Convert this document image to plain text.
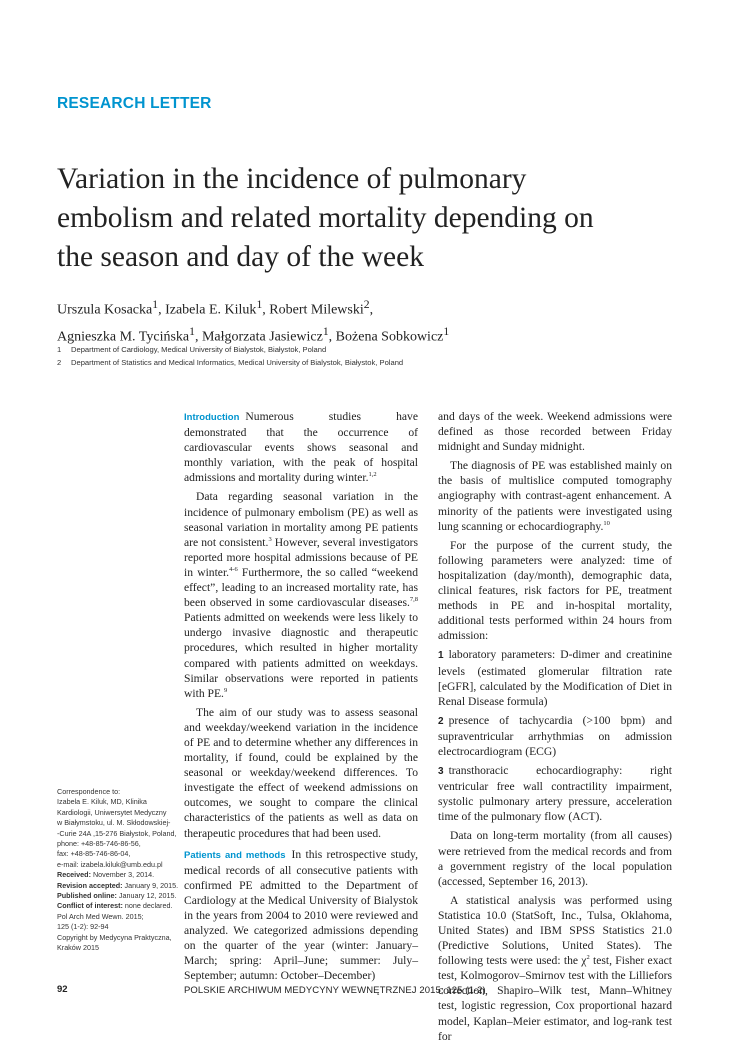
RESEARCH LETTER
Variation in the incidence of pulmonary
embolism and related mortality depending on
the season and day of the week
Urszula Kosacka$^1$, Izabela E. Kiluk$^1$, Robert Milewski$^2$,
Agnieszka M. Tycińska$^1$, Małgorzata Jasiewicz$^1$, Bożena Sobkowicz$^1$
1 Department of Cardiology, Medical University of Bialystok, Białystok, Poland
2 Department of Statistics and Medical Informatics, Medical University of Bialystok, Białystok, Poland

Introduction Numerous studies have demonstrated that the occurrence of cardiovascular events shows seasonal and monthly variation, with the peak of hospital admissions and mortality during winter.$^{1,2}$

Data regarding seasonal variation in the incidence of pulmonary embolism (PE) as well as seasonal variation in mortality among PE patients are not consistent.$^3$ However, several investigators reported more hospital admissions because of PE in winter.$^{4-6}$ Furthermore, the so called “weekend effect”, leading to an increased mortality rate, has been observed in some cardiovascular diseases.$^{7,8}$ Patients admitted on weekends were less likely to undergo invasive diagnostic and therapeutic procedures, which resulted in higher mortality compared with patients admitted on weekdays. Similar observations were reported in patients with PE.$^9$

The aim of our study was to assess seasonal and weekday/weekend variation in the incidence of PE and to determine whether any differences in mortality, if found, could be explained by the seasonal or weekday/weekend differences. To investigate the effect of weekend admissions on outcomes, we sought to compare the clinical characteristics of the patients as well as data on therapeutic procedures that had been used.

Patients and methods In this retrospective study, medical records of all consecutive patients with confirmed PE admitted to the Department of Cardiology at the Medical University of Bialystok in the years from 2004 to 2010 were reviewed and analyzed. We categorized admissions depending on the quarter of the year (winter: January–March; spring: April–June; summer: July–September; autumn: October–December)

and days of the week. Weekend admissions were defined as those recorded between Friday midnight and Sunday midnight.

The diagnosis of PE was established mainly on the basis of multislice computed tomography angiography with contrast-agent enhancement. A minority of the patients were investigated using lung scanning or echocardiography.$^{10}$

For the purpose of the current study, the following parameters were analyzed: time of hospitalization (day/month), demographic data, clinical features, risk factors for PE, treatment methods in PE and in-hospital mortality, additional tests performed within 24 hours from admission:

1 laboratory parameters: D-dimer and creatinine levels (estimated glomerular filtration rate [eGFR], calculated by the Modification of Diet in Renal Disease formula)

2 presence of tachycardia (>100 bpm) and supraventricular arrhythmias on admission electrocardiogram (ECG)

3 transthoracic echocardiography: right ventricular free wall contractility impairment, systolic pulmonary artery pressure, acceleration time of the pulmonary flow (ACT).

Data on long-term mortality (from all causes) were retrieved from the medical records and from a government registry of the local population (accessed, September 16, 2013).

A statistical analysis was performed using Statistica 10.0 (StatSoft, Inc., Tulsa, Oklahoma, United States) and IBM SPSS Statistics 21.0 (Predictive Solutions, United States). The following tests were used: the $\chi^2$ test, Fisher exact test, Kolmogorov–Smirnov test with the Lilliefors correction, Shapiro–Wilk test, Mann–Whitney test, logistic regression, Cox proportional hazard model, Kaplan–Meier estimator, and log-rank test for

Correspondence to:
Izabela E. Kiluk, MD, Klinika
Kardiologii, Uniwersytet Medyczny
w Białymstoku, ul. M. Skłodowskiej-
-Curie 24A ,15-276 Białystok, Poland,
phone: +48-85-746-86-56,
fax: +48-85-746-86-04,
e-mail: izabela.kiluk@umb.edu.pl
Received: November 3, 2014.
Revision accepted: January 9, 2015.
Published online: January 12, 2015.
Conflict of interest: none declared.
Pol Arch Med Wewn. 2015;
125 (1-2): 92-94
Copyright by Medycyna Praktyczna,
Kraków 2015
92	POLSKIE ARCHIWUM MEDYCYNY WEWNĘTRZNEJ 2015; 125 (1-2)
